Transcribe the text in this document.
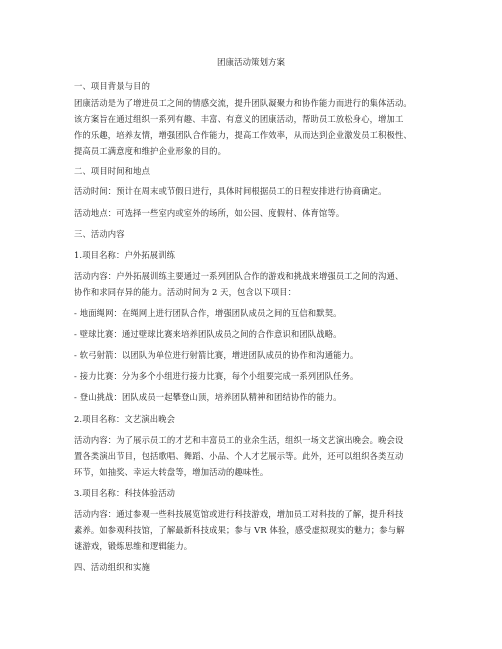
团康活动策划方案
一、项目背景与目的
团康活动是为了增进员工之间的情感交流，提升团队凝聚力和协作能力而进行的集体活动。
该方案旨在通过组织一系列有趣、丰富、有意义的团康活动，帮助员工放松身心，增加工
作的乐趣，培养友情，增强团队合作能力，提高工作效率，从而达到企业激发员工积极性、
提高员工满意度和维护企业形象的目的。
二、项目时间和地点
活动时间：预计在周末或节假日进行，具体时间根据员工的日程安排进行协商确定。
活动地点：可选择一些室内或室外的场所，如公园、度假村、体育馆等。
三、活动内容
1.项目名称：户外拓展训练
活动内容：户外拓展训练主要通过一系列团队合作的游戏和挑战来增强员工之间的沟通、
协作和求同存异的能力。活动时间为 2 天，包含以下项目：
- 地面绳网：在绳网上进行团队合作，增强团队成员之间的互信和默契。
- 壁球比赛：通过壁球比赛来培养团队成员之间的合作意识和团队战略。
- 软弓射箭：以团队为单位进行射箭比赛，增进团队成员的协作和沟通能力。
- 接力比赛：分为多个小组进行接力比赛，每个小组要完成一系列团队任务。
- 登山挑战：团队成员一起攀登山顶，培养团队精神和团结协作的能力。
2.项目名称：文艺演出晚会
活动内容：为了展示员工的才艺和丰富员工的业余生活，组织一场文艺演出晚会。晚会设
置各类演出节目，包括歌唱、舞蹈、小品、个人才艺展示等。此外，还可以组织各类互动
环节，如抽奖、幸运大转盘等，增加活动的趣味性。
3.项目名称：科技体验活动
活动内容：通过参观一些科技展览馆或进行科技游戏，增加员工对科技的了解，提升科技
素养。如参观科技馆，了解最新科技成果；参与 VR 体验，感受虚拟现实的魅力；参与解
谜游戏，锻炼思维和逻辑能力。
四、活动组织和实施
